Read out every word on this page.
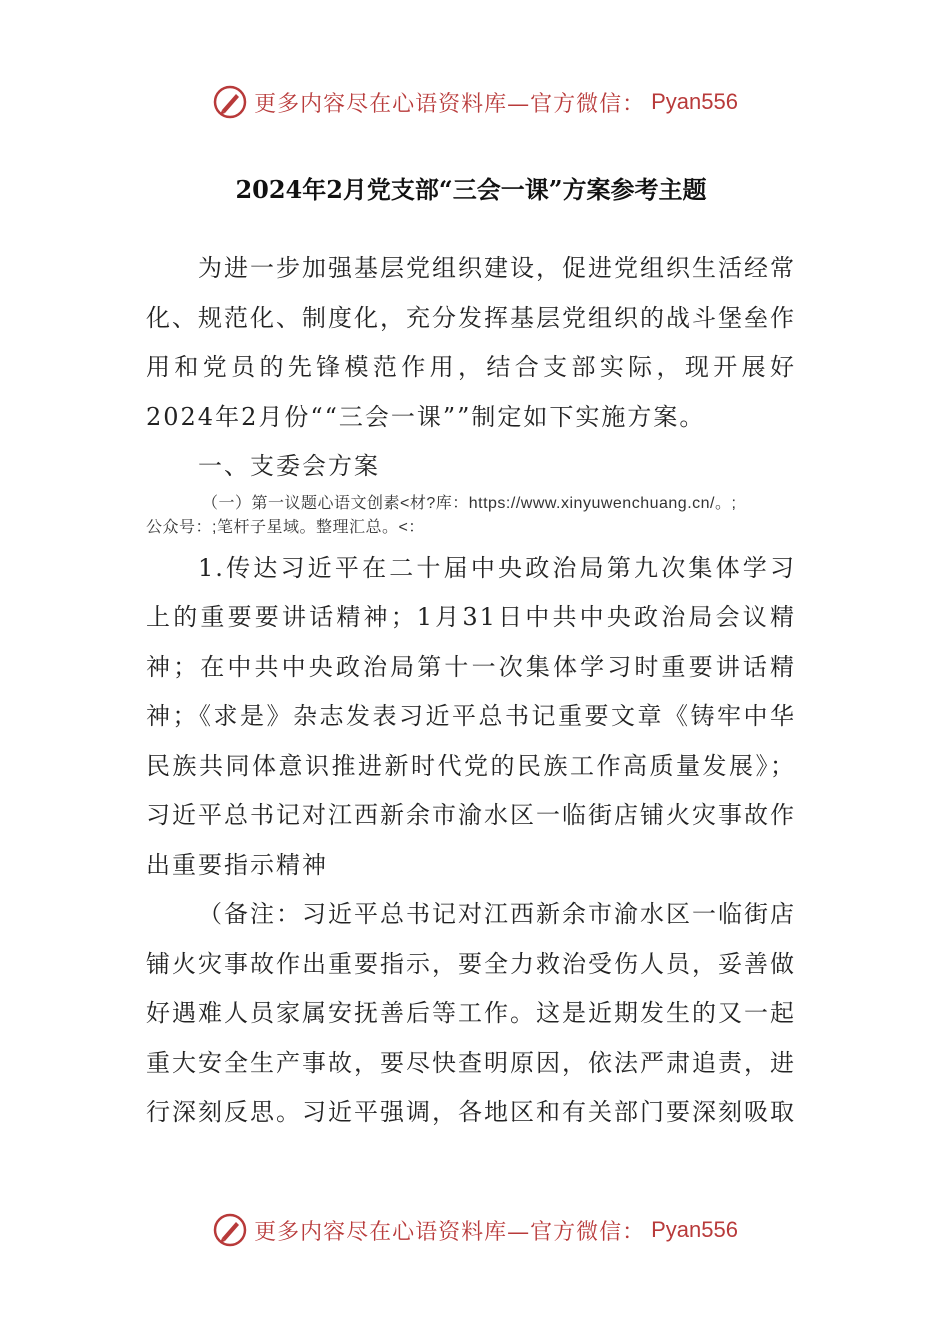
更多内容尽在心语资料库—官方微信： Pyan556
2024年2月党支部“三会一课”方案参考主题

为进一步加强基层党组织建设，促进党组织生活经常化、规范化、制度化，充分发挥基层党组织的战斗堡垒作用和党员的先锋模范作用，结合支部实际，现开展好2024年2月份““三会一课””制定如下实施方案。

一、支委会方案

（一）第一议题心语文创素<材?库：https://www.xinyuwenchuang.cn/。;

公众号：;笔杆子星域。整理汇总。<：

1.传达习近平在二十届中央政治局第九次集体学习上的重要要讲话精神；1月31日中共中央政治局会议精神；在中共中央政治局第十一次集体学习时重要讲话精神；《求是》杂志发表习近平总书记重要文章《铸牢中华民族共同体意识推进新时代党的民族工作高质量发展》；习近平总书记对江西新余市渝水区一临街店铺火灾事故作出重要指示精神

（备注：习近平总书记对江西新余市渝水区一临街店铺火灾事故作出重要指示，要全力救治受伤人员，妥善做好遇难人员家属安抚善后等工作。这是近期发生的又一起重大安全生产事故，要尽快查明原因，依法严肃追责，进行深刻反思。习近平强调，各地区和有关部门要深刻吸取

更多内容尽在心语资料库—官方微信： Pyan556
